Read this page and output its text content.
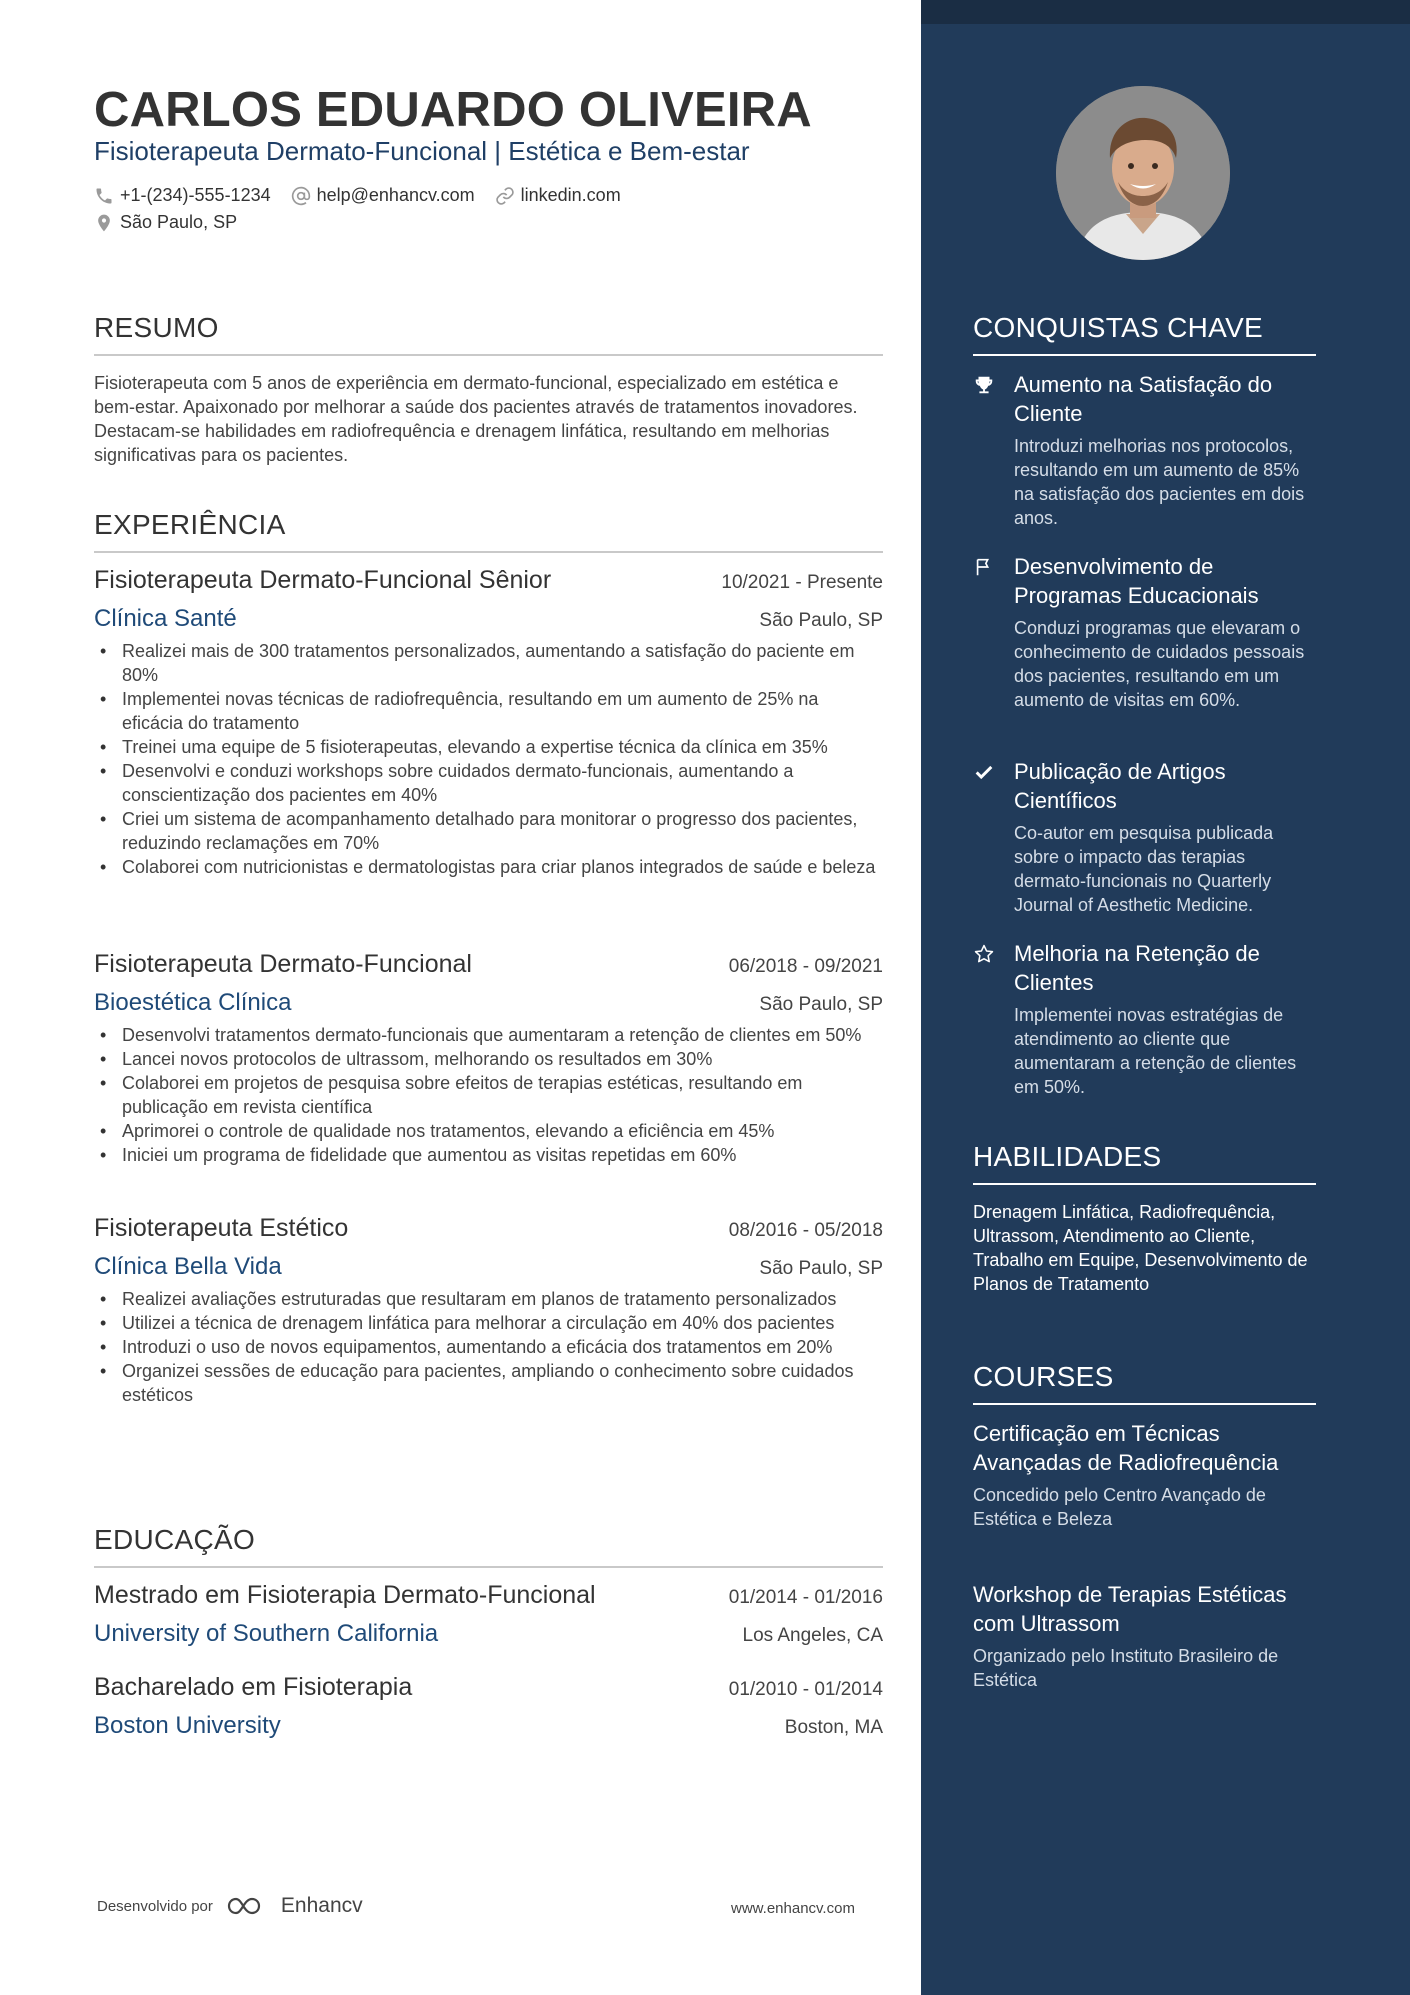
CARLOS EDUARDO OLIVEIRA
Fisioterapeuta Dermato-Funcional | Estética e Bem-estar
+1-(234)-555-1234	help@enhancv.com	linkedin.com
São Paulo, SP
RESUMO
Fisioterapeuta com 5 anos de experiência em dermato-funcional, especializado em estética e bem-estar. Apaixonado por melhorar a saúde dos pacientes através de tratamentos inovadores. Destacam-se habilidades em radiofrequência e drenagem linfática, resultando em melhorias significativas para os pacientes.
EXPERIÊNCIA
Fisioterapeuta Dermato-Funcional Sênior	10/2021 - Presente
Clínica Santé	São Paulo, SP
• Realizei mais de 300 tratamentos personalizados, aumentando a satisfação do paciente em 80%
• Implementei novas técnicas de radiofrequência, resultando em um aumento de 25% na eficácia do tratamento
• Treinei uma equipe de 5 fisioterapeutas, elevando a expertise técnica da clínica em 35%
• Desenvolvi e conduzi workshops sobre cuidados dermato-funcionais, aumentando a conscientização dos pacientes em 40%
• Criei um sistema de acompanhamento detalhado para monitorar o progresso dos pacientes, reduzindo reclamações em 70%
• Colaborei com nutricionistas e dermatologistas para criar planos integrados de saúde e beleza
Fisioterapeuta Dermato-Funcional	06/2018 - 09/2021
Bioestética Clínica	São Paulo, SP
• Desenvolvi tratamentos dermato-funcionais que aumentaram a retenção de clientes em 50%
• Lancei novos protocolos de ultrassom, melhorando os resultados em 30%
• Colaborei em projetos de pesquisa sobre efeitos de terapias estéticas, resultando em publicação em revista científica
• Aprimorei o controle de qualidade nos tratamentos, elevando a eficiência em 45%
• Iniciei um programa de fidelidade que aumentou as visitas repetidas em 60%
Fisioterapeuta Estético	08/2016 - 05/2018
Clínica Bella Vida	São Paulo, SP
• Realizei avaliações estruturadas que resultaram em planos de tratamento personalizados
• Utilizei a técnica de drenagem linfática para melhorar a circulação em 40% dos pacientes
• Introduzi o uso de novos equipamentos, aumentando a eficácia dos tratamentos em 20%
• Organizei sessões de educação para pacientes, ampliando o conhecimento sobre cuidados estéticos
EDUCAÇÃO
Mestrado em Fisioterapia Dermato-Funcional	01/2014 - 01/2016
University of Southern California	Los Angeles, CA
Bacharelado em Fisioterapia	01/2010 - 01/2014
Boston University	Boston, MA
Desenvolvido por	Enhancv	www.enhancv.com
CONQUISTAS CHAVE
Aumento na Satisfação do Cliente
Introduzi melhorias nos protocolos, resultando em um aumento de 85% na satisfação dos pacientes em dois anos.
Desenvolvimento de Programas Educacionais
Conduzi programas que elevaram o conhecimento de cuidados pessoais dos pacientes, resultando em um aumento de visitas em 60%.
Publicação de Artigos Científicos
Co-autor em pesquisa publicada sobre o impacto das terapias dermato-funcionais no Quarterly Journal of Aesthetic Medicine.
Melhoria na Retenção de Clientes
Implementei novas estratégias de atendimento ao cliente que aumentaram a retenção de clientes em 50%.
HABILIDADES
Drenagem Linfática, Radiofrequência, Ultrassom, Atendimento ao Cliente, Trabalho em Equipe, Desenvolvimento de Planos de Tratamento
COURSES
Certificação em Técnicas Avançadas de Radiofrequência
Concedido pelo Centro Avançado de Estética e Beleza
Workshop de Terapias Estéticas com Ultrassom
Organizado pelo Instituto Brasileiro de Estética
